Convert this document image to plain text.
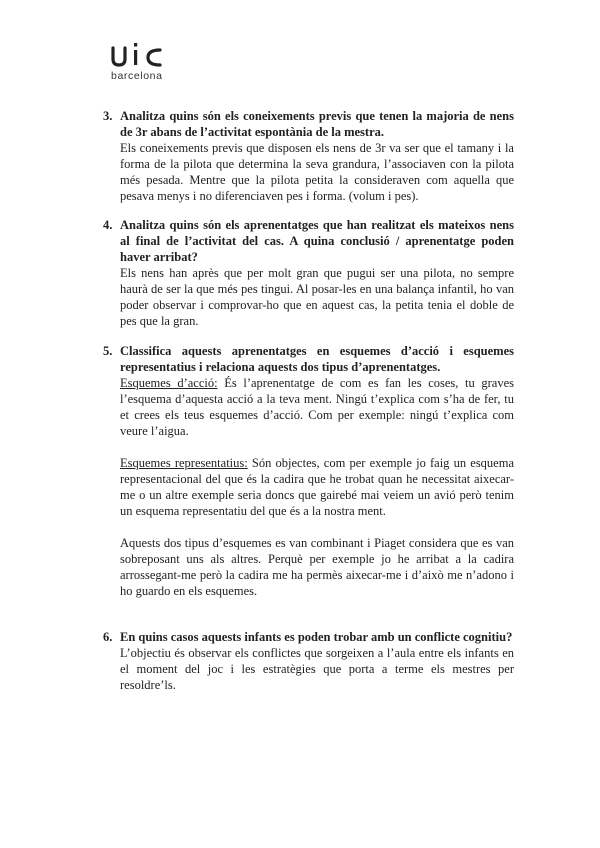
barcelona
3. Analitza quins són els coneixements previs que tenen la majoria de nens de 3r abans de l’activitat espontània de la mestra.

Els coneixements previs que disposen els nens de 3r va ser que el tamany i la forma de la pilota que determina la seva grandura, l’associaven con la pilota més pesada. Mentre que la pilota petita la consideraven com aquella que pesava menys i no diferenciaven pes i forma. (volum i pes).

4. Analitza quins són els aprenentatges que han realitzat els mateixos nens al final de l’activitat del cas. A quina conclusió / aprenentatge poden haver arribat?

Els nens han après que per molt gran que pugui ser una pilota, no sempre haurà de ser la que més pes tingui. Al posar-les en una balança infantil, ho van poder observar i comprovar-ho que en aquest cas, la petita tenia el doble de pes que la gran.

5. Classifica aquests aprenentatges en esquemes d’acció i esquemes representatius i relaciona aquests dos tipus d’aprenentatges.

Esquemes d’acció: És l’aprenentatge de com es fan les coses, tu graves l’esquema d’aquesta acció a la teva ment. Ningú t’explica com s’ha de fer, tu et crees els teus esquemes d’acció. Com per exemple: ningú t’explica com veure l’aigua.

Esquemes representatius: Són objectes, com per exemple jo faig un esquema representacional del que és la cadira que he trobat quan he necessitat aixecar-me o un altre exemple seria doncs que gairebé mai veiem un avió però tenim un esquema representatiu del que és a la nostra ment.

Aquests dos tipus d’esquemes es van combinant i Piaget considera que es van sobreposant uns als altres. Perquè per exemple jo he arribat a la cadira arrossegant-me però la cadira me ha permès aixecar-me i d’això me n’adono i ho guardo en els esquemes.

6. En quins casos aquests infants es poden trobar amb un conflicte cognitiu?

L’objectiu és observar els conflictes que sorgeixen a l’aula entre els infants en el moment del joc i les estratègies que porta a terme els mestres per resoldre’ls.
